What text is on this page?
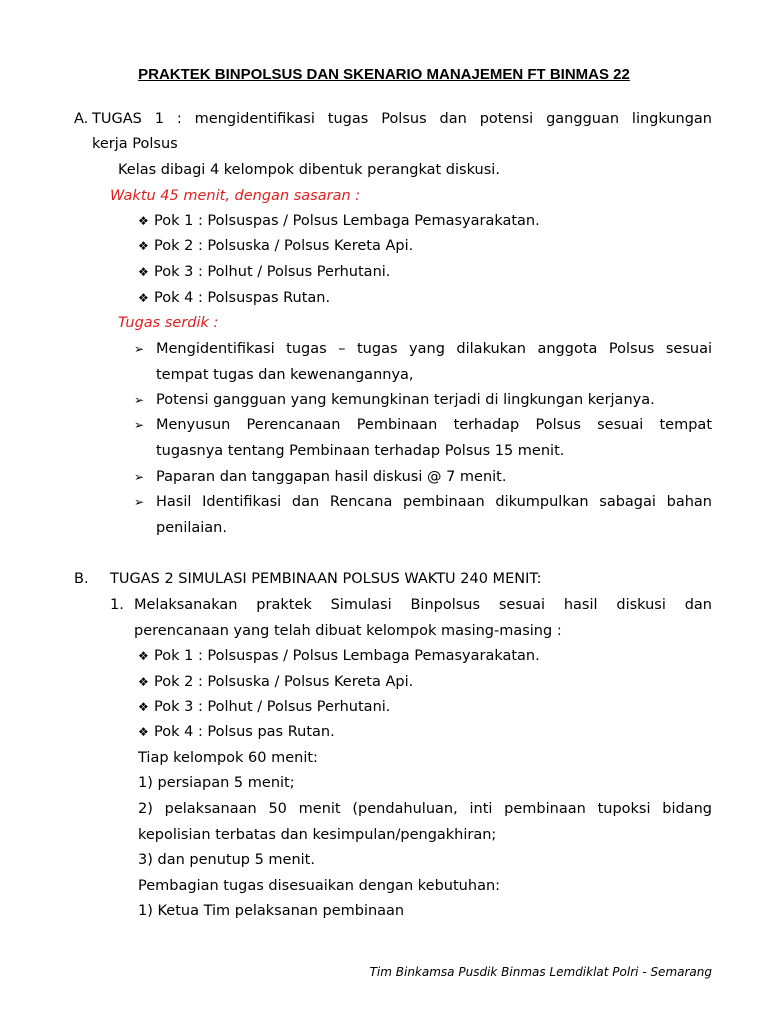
PRAKTEK BINPOLSUS DAN SKENARIO MANAJEMEN FT BINMAS 22
A. TUGAS 1 : mengidentifikasi tugas Polsus dan potensi gangguan lingkungan
kerja Polsus
Kelas dibagi 4 kelompok dibentuk perangkat diskusi.
Waktu 45 menit, dengan sasaran :
❖ Pok 1 : Polsuspas / Polsus Lembaga Pemasyarakatan.
❖ Pok 2 : Polsuska / Polsus Kereta Api.
❖ Pok 3 : Polhut / Polsus Perhutani.
❖ Pok 4 : Polsuspas Rutan.
Tugas serdik :
➢ Mengidentifikasi tugas – tugas yang dilakukan anggota Polsus sesuai
tempat tugas dan kewenangannya,
➢ Potensi gangguan yang kemungkinan terjadi di lingkungan kerjanya.
➢ Menyusun Perencanaan Pembinaan terhadap Polsus sesuai tempat
tugasnya tentang Pembinaan terhadap Polsus 15 menit.
➢ Paparan dan tanggapan hasil diskusi @ 7 menit.
➢ Hasil Identifikasi dan Rencana pembinaan dikumpulkan sabagai bahan
penilaian.
B. TUGAS 2 SIMULASI PEMBINAAN POLSUS WAKTU 240 MENIT:
1. Melaksanakan praktek Simulasi Binpolsus sesuai hasil diskusi dan
perencanaan yang telah dibuat kelompok masing-masing :
❖ Pok 1 : Polsuspas / Polsus Lembaga Pemasyarakatan.
❖ Pok 2 : Polsuska / Polsus Kereta Api.
❖ Pok 3 : Polhut / Polsus Perhutani.
❖ Pok 4 : Polsus pas Rutan.
Tiap kelompok 60 menit:
1) persiapan 5 menit;
2) pelaksanaan 50 menit (pendahuluan, inti pembinaan tupoksi bidang
kepolisian terbatas dan kesimpulan/pengakhiran;
3) dan penutup 5 menit.
Pembagian tugas disesuaikan dengan kebutuhan:
1) Ketua Tim pelaksanan pembinaan
Tim Binkamsa Pusdik Binmas Lemdiklat Polri - Semarang
